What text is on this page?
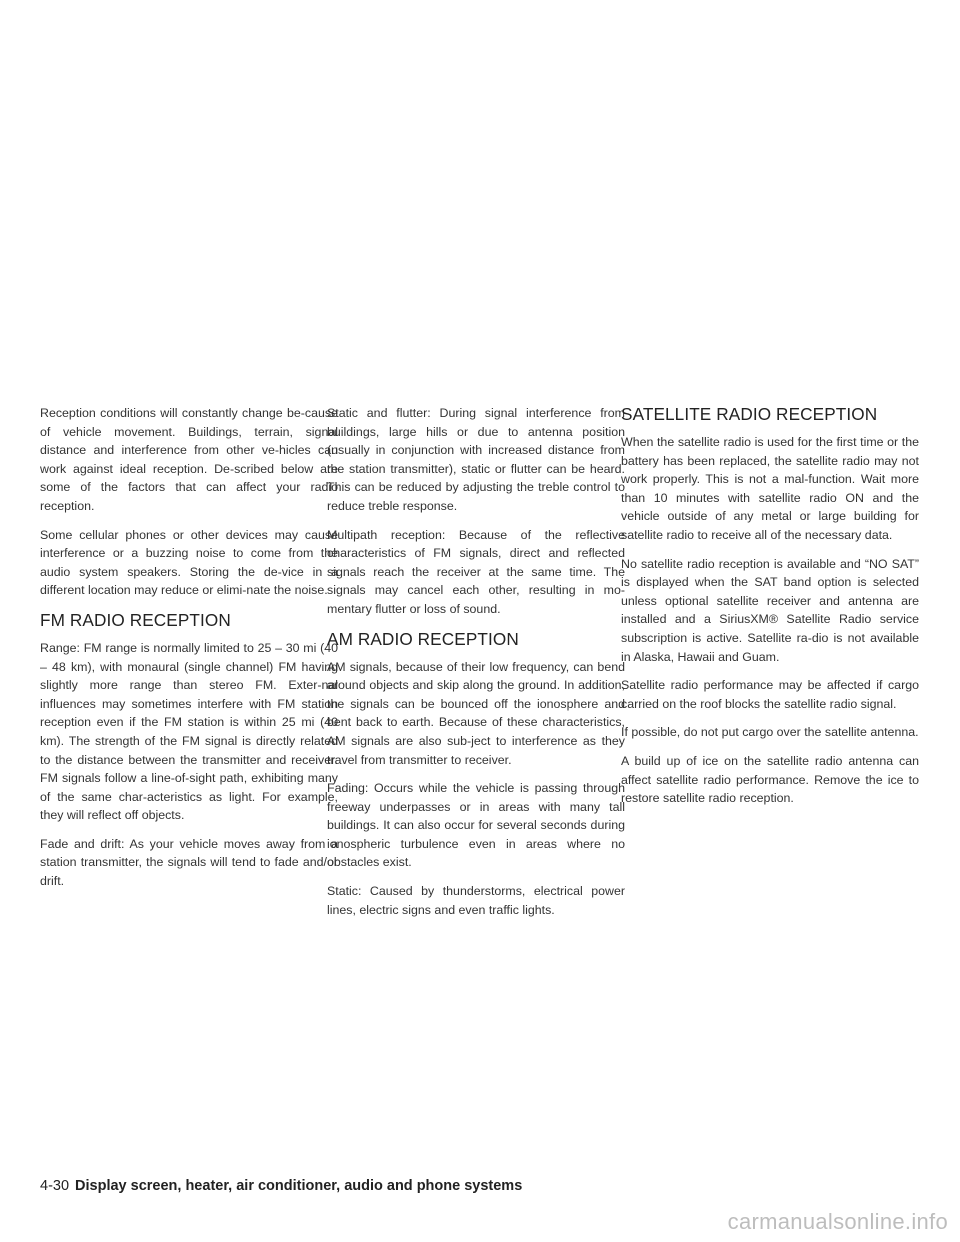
Reception conditions will constantly change be-cause of vehicle movement. Buildings, terrain, signal distance and interference from other ve-hicles can work against ideal reception. De-scribed below are some of the factors that can affect your radio reception.

Some cellular phones or other devices may cause interference or a buzzing noise to come from the audio system speakers. Storing the de-vice in a different location may reduce or elimi-nate the noise.

FM RADIO RECEPTION

Range: FM range is normally limited to 25 – 30 mi (40 – 48 km), with monaural (single channel) FM having slightly more range than stereo FM. Exter-nal influences may sometimes interfere with FM station reception even if the FM station is within 25 mi (40 km). The strength of the FM signal is directly related to the distance between the transmitter and receiver. FM signals follow a line-of-sight path, exhibiting many of the same char-acteristics as light. For example, they will reflect off objects.

Fade and drift: As your vehicle moves away from a station transmitter, the signals will tend to fade and/or drift.

Static and flutter: During signal interference from buildings, large hills or due to antenna position (usually in conjunction with increased distance from the station transmitter), static or flutter can be heard. This can be reduced by adjusting the treble control to reduce treble response.

Multipath reception: Because of the reflective characteristics of FM signals, direct and reflected signals reach the receiver at the same time. The signals may cancel each other, resulting in mo-mentary flutter or loss of sound.

AM RADIO RECEPTION

AM signals, because of their low frequency, can bend around objects and skip along the ground. In addition, the signals can be bounced off the ionosphere and bent back to earth. Because of these characteristics, AM signals are also sub-ject to interference as they travel from transmitter to receiver.

Fading: Occurs while the vehicle is passing through freeway underpasses or in areas with many tall buildings. It can also occur for several seconds during ionospheric turbulence even in areas where no obstacles exist.

Static: Caused by thunderstorms, electrical power lines, electric signs and even traffic lights.

SATELLITE RADIO RECEPTION

When the satellite radio is used for the first time or the battery has been replaced, the satellite radio may not work properly. This is not a mal-function. Wait more than 10 minutes with satellite radio ON and the vehicle outside of any metal or large building for satellite radio to receive all of the necessary data.

No satellite radio reception is available and “NO SAT” is displayed when the SAT band option is selected unless optional satellite receiver and antenna are installed and a SiriusXM® Satellite Radio service subscription is active. Satellite ra-dio is not available in Alaska, Hawaii and Guam.

Satellite radio performance may be affected if cargo carried on the roof blocks the satellite radio signal.

If possible, do not put cargo over the satellite antenna.

A build up of ice on the satellite radio antenna can affect satellite radio performance. Remove the ice to restore satellite radio reception.

4-30 Display screen, heater, air conditioner, audio and phone systems
carmanualsonline.info
